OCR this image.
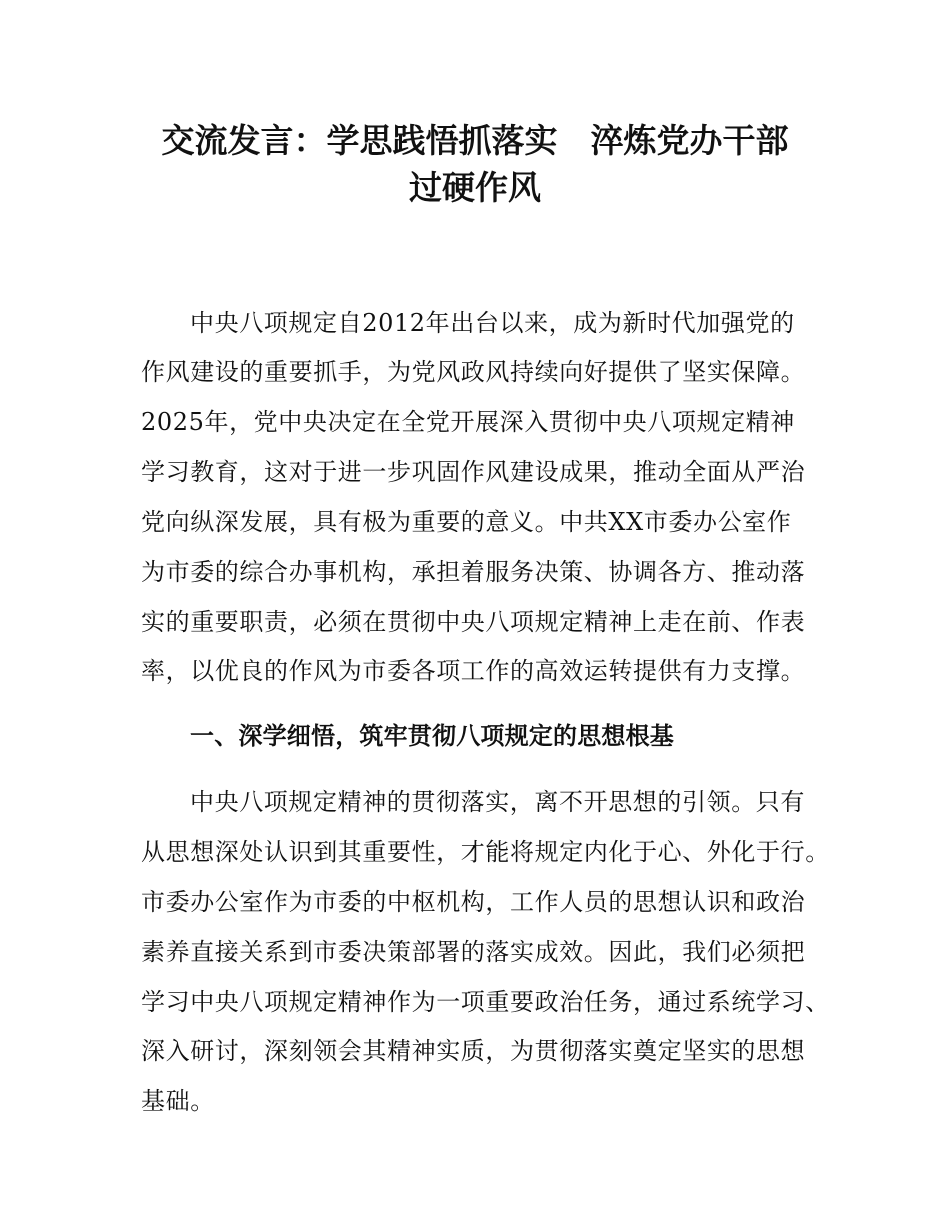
交流发言：学思践悟抓落实　淬炼党办干部
过硬作风
中央八项规定自2012年出台以来，成为新时代加强党的
作风建设的重要抓手，为党风政风持续向好提供了坚实保障。
2025年，党中央决定在全党开展深入贯彻中央八项规定精神
学习教育，这对于进一步巩固作风建设成果，推动全面从严治
党向纵深发展，具有极为重要的意义。中共XX市委办公室作
为市委的综合办事机构，承担着服务决策、协调各方、推动落
实的重要职责，必须在贯彻中央八项规定精神上走在前、作表
率，以优良的作风为市委各项工作的高效运转提供有力支撑。
一、深学细悟，筑牢贯彻八项规定的思想根基
中央八项规定精神的贯彻落实，离不开思想的引领。只有
从思想深处认识到其重要性，才能将规定内化于心、外化于行。
市委办公室作为市委的中枢机构，工作人员的思想认识和政治
素养直接关系到市委决策部署的落实成效。因此，我们必须把
学习中央八项规定精神作为一项重要政治任务，通过系统学习、
深入研讨，深刻领会其精神实质，为贯彻落实奠定坚实的思想
基础。
